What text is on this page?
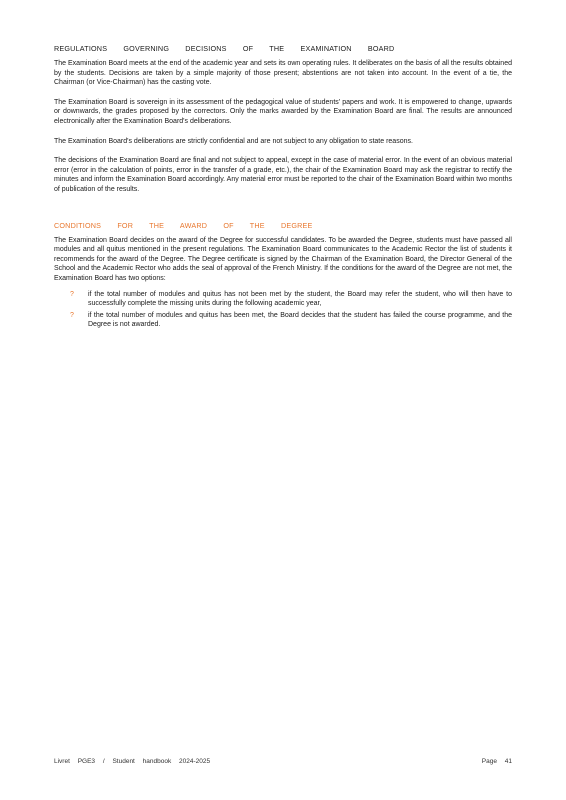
REGULATIONS GOVERNING DECISIONS OF THE EXAMINATION BOARD

The Examination Board meets at the end of the academic year and sets its own operating rules. It deliberates on the basis of all the results obtained by the students. Decisions are taken by a simple majority of those present; abstentions are not taken into account. In the event of a tie, the Chairman (or Vice-Chairman) has the casting vote.

The Examination Board is sovereign in its assessment of the pedagogical value of students' papers and work. It is empowered to change, upwards or downwards, the grades proposed by the correctors. Only the marks awarded by the Examination Board are final. The results are announced electronically after the Examination Board's deliberations.

The Examination Board's deliberations are strictly confidential and are not subject to any obligation to state reasons.

The decisions of the Examination Board are final and not subject to appeal, except in the case of material error. In the event of an obvious material error (error in the calculation of points, error in the transfer of a grade, etc.), the chair of the Examination Board may ask the registrar to rectify the minutes and inform the Examination Board accordingly. Any material error must be reported to the chair of the Examination Board within two months of publication of the results.

CONDITIONS FOR THE AWARD OF THE DEGREE

The Examination Board decides on the award of the Degree for successful candidates. To be awarded the Degree, students must have passed all modules and all quitus mentioned in the present regulations. The Examination Board communicates to the Academic Rector the list of students it recommends for the award of the Degree. The Degree certificate is signed by the Chairman of the Examination Board, the Director General of the School and the Academic Rector who adds the seal of approval of the French Ministry. If the conditions for the award of the Degree are not met, the Examination Board has two options:

? if the total number of modules and quitus has not been met by the student, the Board may refer the student, who will then have to successfully complete the missing units during the following academic year,
? if the total number of modules and quitus has been met, the Board decides that the student has failed the course programme, and the Degree is not awarded.
Livret PGE3 / Student handbook 2024-2025	Page 41
